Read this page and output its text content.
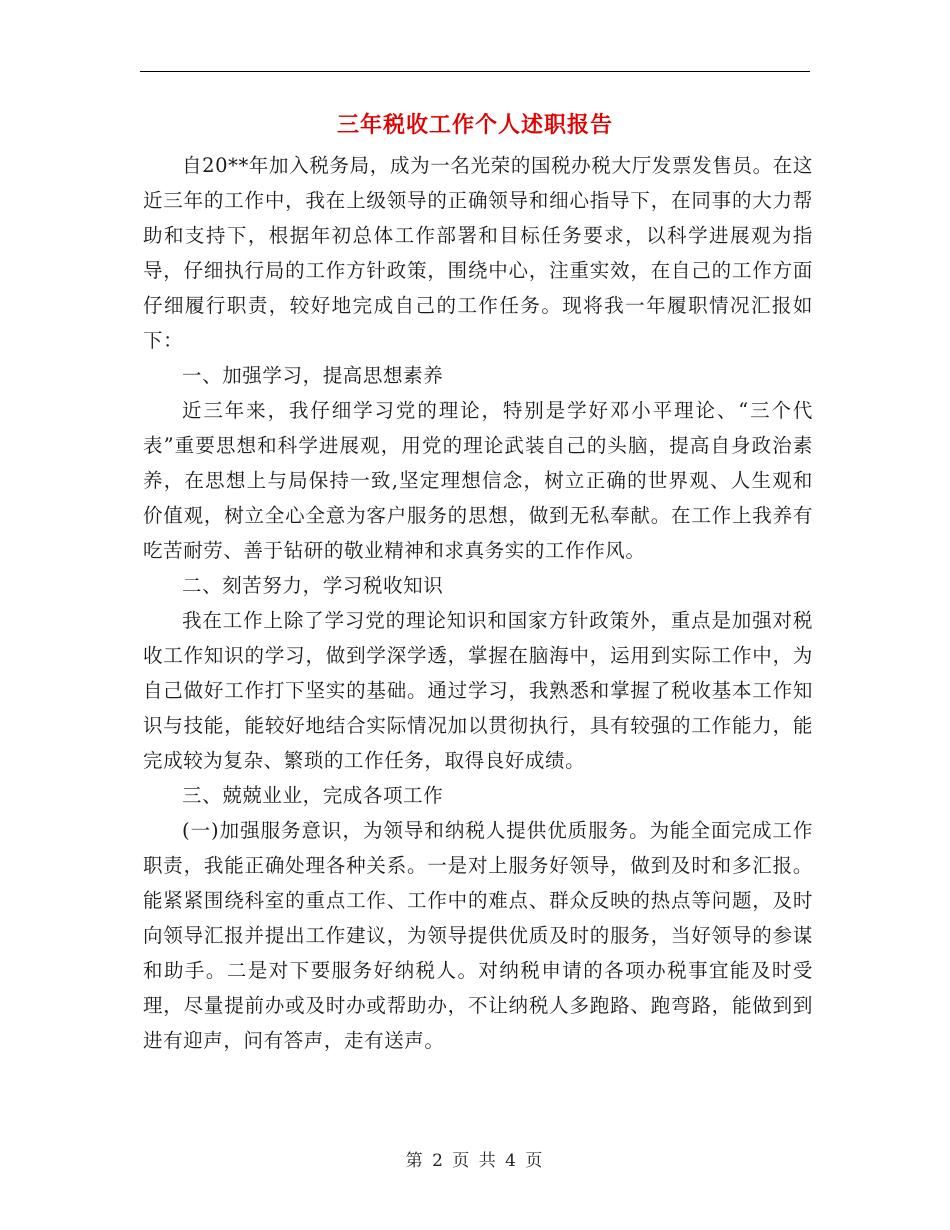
三年税收工作个人述职报告

自20**年加入税务局，成为一名光荣的国税办税大厅发票发售员。在这近三年的工作中，我在上级领导的正确领导和细心指导下，在同事的大力帮助和支持下，根据年初总体工作部署和目标任务要求，以科学进展观为指导，仔细执行局的工作方针政策，围绕中心，注重实效，在自己的工作方面仔细履行职责，较好地完成自己的工作任务。现将我一年履职情况汇报如下：

一、加强学习，提高思想素养

近三年来，我仔细学习党的理论，特别是学好邓小平理论、“三个代表”重要思想和科学进展观，用党的理论武装自己的头脑，提高自身政治素养，在思想上与局保持一致,坚定理想信念，树立正确的世界观、人生观和价值观，树立全心全意为客户服务的思想，做到无私奉献。在工作上我养有吃苦耐劳、善于钻研的敬业精神和求真务实的工作作风。

二、刻苦努力，学习税收知识

我在工作上除了学习党的理论知识和国家方针政策外，重点是加强对税收工作知识的学习，做到学深学透，掌握在脑海中，运用到实际工作中，为自己做好工作打下坚实的基础。通过学习，我熟悉和掌握了税收基本工作知识与技能，能较好地结合实际情况加以贯彻执行，具有较强的工作能力，能完成较为复杂、繁琐的工作任务，取得良好成绩。

三、兢兢业业，完成各项工作

(一)加强服务意识，为领导和纳税人提供优质服务。为能全面完成工作职责，我能正确处理各种关系。一是对上服务好领导，做到及时和多汇报。能紧紧围绕科室的重点工作、工作中的难点、群众反映的热点等问题，及时向领导汇报并提出工作建议，为领导提供优质及时的服务，当好领导的参谋和助手。二是对下要服务好纳税人。对纳税申请的各项办税事宜能及时受理，尽量提前办或及时办或帮助办，不让纳税人多跑路、跑弯路，能做到到进有迎声，问有答声，走有送声。

第 2 页 共 4 页
